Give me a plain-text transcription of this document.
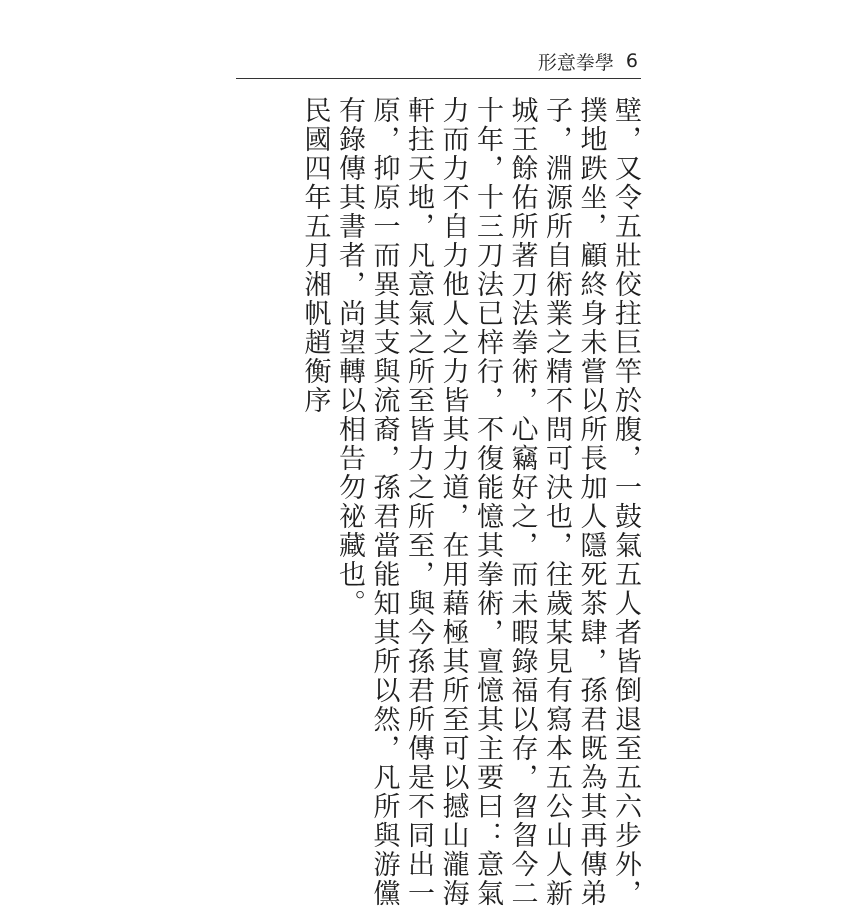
形意拳學 6
壁，又令五壯佼拄巨竿於腹，一鼓氣五人者皆倒退至五六步外，
撲地跌坐，顧終身未嘗以所長加人隱死茶肆，孫君既為其再傳弟
子，淵源所自術業之精不問可決也，往歲某見有寫本五公山人新
城王餘佑所著刀法拳術，心竊好之，而未暇錄福以存，曶曶今二
十年，十三刀法已梓行，不復能憶其拳術，亶憶其主要曰：意氣
力而力不自力他人之力皆其力道，在用藉極其所至可以撼山瀧海
軒拄天地，凡意氣之所至皆力之所至，與今孫君所傳是不同出一
原，抑原一而異其支與流裔，孫君當能知其所以然，凡所與游儻
有錄傳其書者，尚望轉以相告勿祕藏也。
民國四年五月湘帆趙衡序
